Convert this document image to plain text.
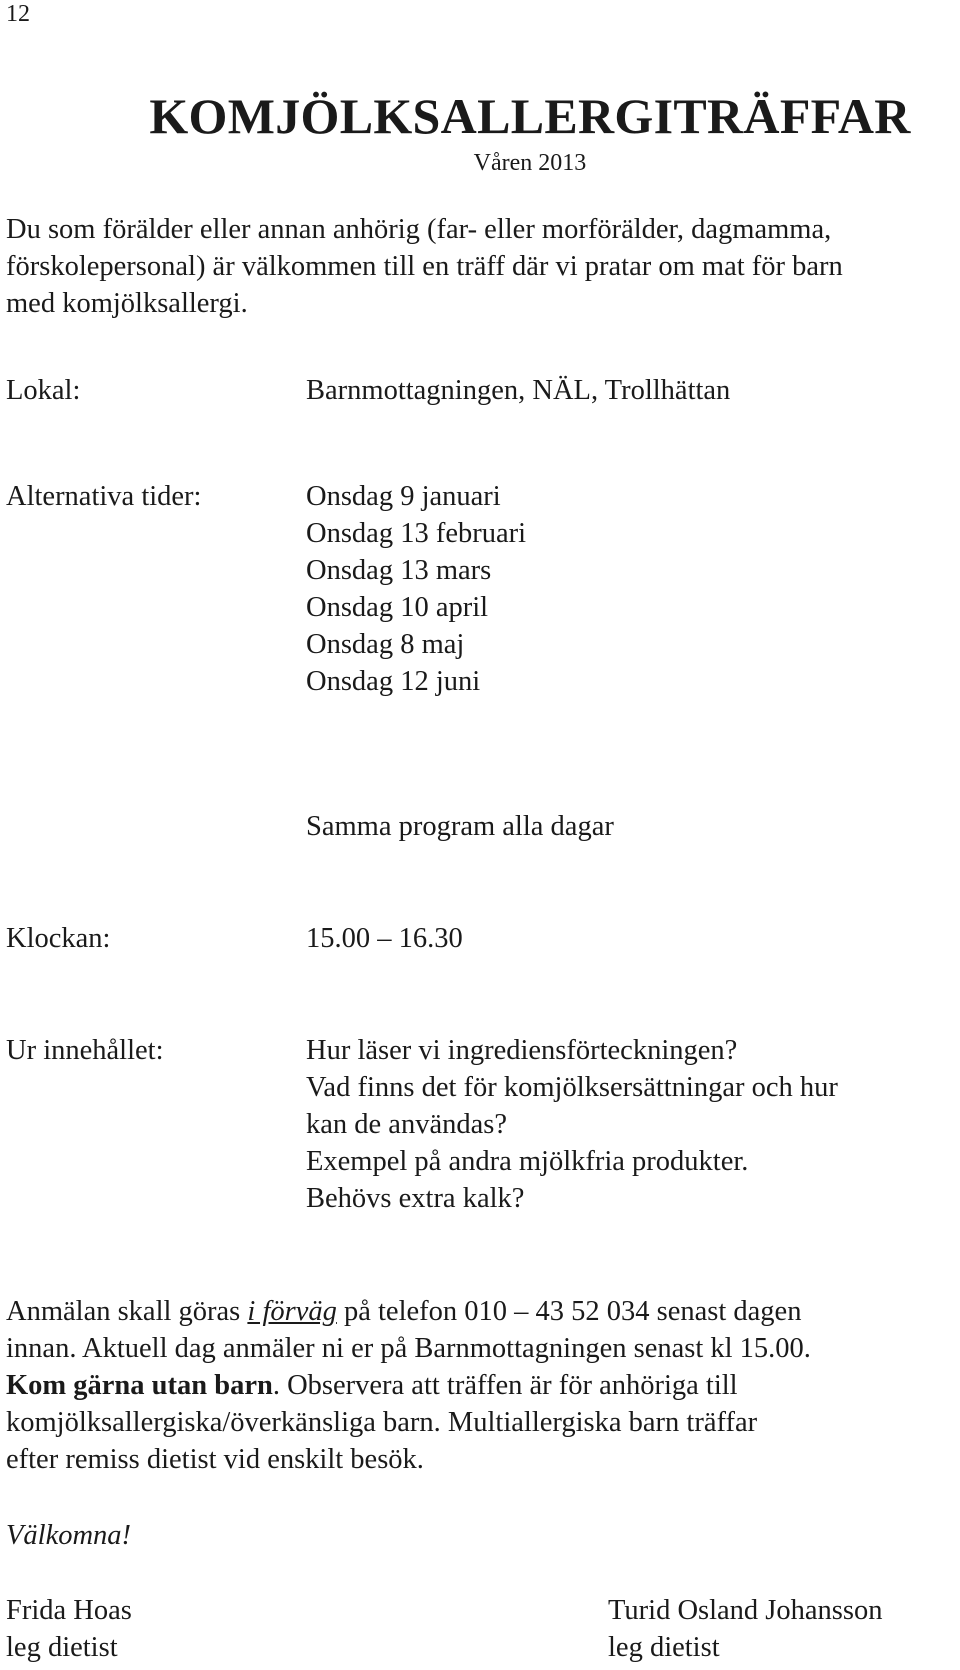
12
KOMJÖLKSALLERGITRÄFFAR
Våren 2013
Du som förälder eller annan anhörig (far- eller morförälder, dagmamma,
förskolepersonal) är välkommen till en träff där vi pratar om mat för barn
med komjölksallergi.
Lokal:	Barnmottagningen, NÄL, Trollhättan
Alternativa tider:	Onsdag 9 januari
Onsdag 13 februari
Onsdag 13 mars
Onsdag 10 april
Onsdag 8 maj
Onsdag 12 juni
Samma program alla dagar
Klockan:	15.00 – 16.30
Ur innehållet:	Hur läser vi ingrediensförteckningen?
Vad finns det för komjölksersättningar och hur
kan de användas?
Exempel på andra mjölkfria produkter.
Behövs extra kalk?
Anmälan skall göras i förväg på telefon 010 – 43 52 034 senast dagen
innan. Aktuell dag anmäler ni er på Barnmottagningen senast kl 15.00.
Kom gärna utan barn. Observera att träffen är för anhöriga till
komjölksallergiska/överkänsliga barn. Multiallergiska barn träffar
efter remiss dietist vid enskilt besök.
Välkomna!
Frida Hoas
leg dietist
Turid Osland Johansson
leg dietist
